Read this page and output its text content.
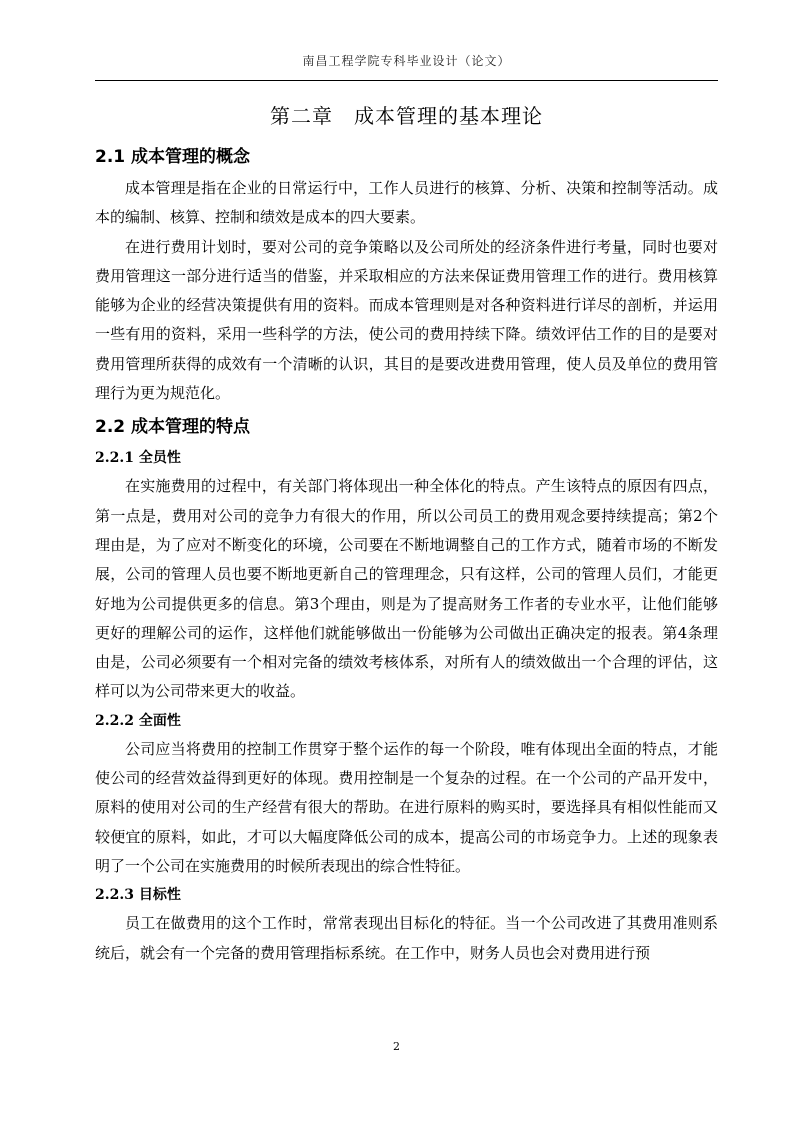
南昌工程学院专科毕业设计（论文）
第二章　成本管理的基本理论
2.1 成本管理的概念

成本管理是指在企业的日常运行中，工作人员进行的核算、分析、决策和控制等活动。成本的编制、核算、控制和绩效是成本的四大要素。

在进行费用计划时，要对公司的竞争策略以及公司所处的经济条件进行考量，同时也要对费用管理这一部分进行适当的借鉴，并采取相应的方法来保证费用管理工作的进行。费用核算能够为企业的经营决策提供有用的资料。而成本管理则是对各种资料进行详尽的剖析，并运用一些有用的资料，采用一些科学的方法，使公司的费用持续下降。绩效评估工作的目的是要对费用管理所获得的成效有一个清晰的认识，其目的是要改进费用管理，使人员及单位的费用管理行为更为规范化。

2.2 成本管理的特点
2.2.1 全员性

在实施费用的过程中，有关部门将体现出一种全体化的特点。产生该特点的原因有四点，第一点是，费用对公司的竞争力有很大的作用，所以公司员工的费用观念要持续提高；第2个理由是，为了应对不断变化的环境，公司要在不断地调整自己的工作方式，随着市场的不断发展，公司的管理人员也要不断地更新自己的管理理念，只有这样，公司的管理人员们，才能更好地为公司提供更多的信息。第3个理由，则是为了提高财务工作者的专业水平，让他们能够更好的理解公司的运作，这样他们就能够做出一份能够为公司做出正确决定的报表。第4条理由是，公司必须要有一个相对完备的绩效考核体系，对所有人的绩效做出一个合理的评估，这样可以为公司带来更大的收益。

2.2.2 全面性

公司应当将费用的控制工作贯穿于整个运作的每一个阶段，唯有体现出全面的特点，才能使公司的经营效益得到更好的体现。费用控制是一个复杂的过程。在一个公司的产品开发中，原料的使用对公司的生产经营有很大的帮助。在进行原料的购买时，要选择具有相似性能而又较便宜的原料，如此，才可以大幅度降低公司的成本，提高公司的市场竞争力。上述的现象表明了一个公司在实施费用的时候所表现出的综合性特征。

2.2.3 目标性

员工在做费用的这个工作时，常常表现出目标化的特征。当一个公司改进了其费用准则系统后，就会有一个完备的费用管理指标系统。在工作中，财务人员也会对费用进行预

2
